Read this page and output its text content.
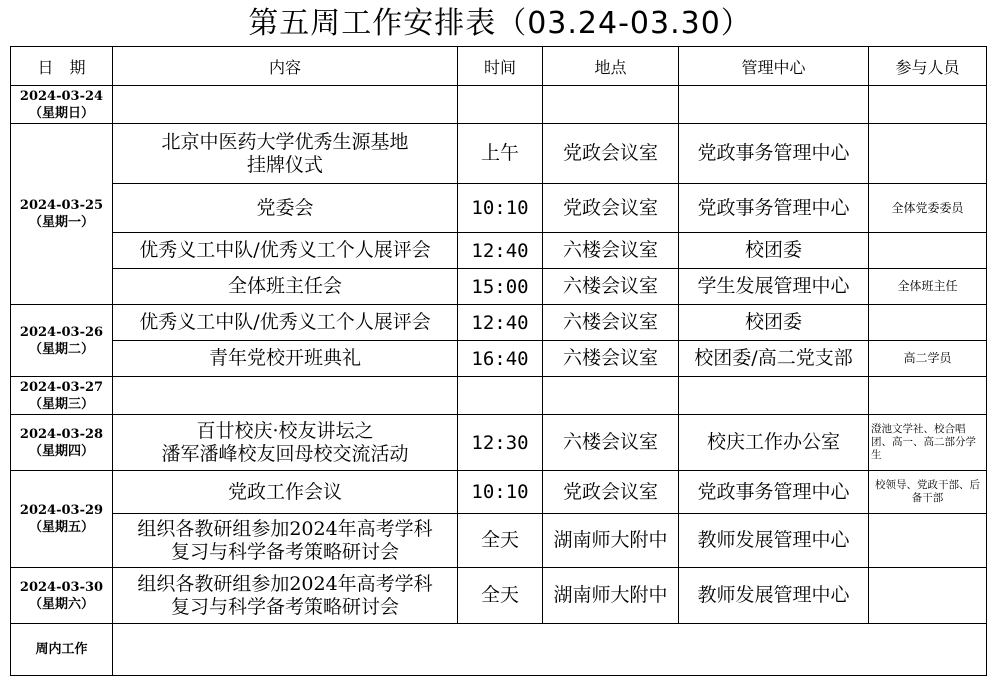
第五周工作安排表（03.24-03.30）
日　期	内容	时间	地点	管理中心	参与人员

2024-03-24
（星期日）					

2024-03-25
（星期一）	北京中医药大学优秀生源基地
挂牌仪式	上午	党政会议室	党政事务管理中心	

	党委会	10:10	党政会议室	党政事务管理中心	全体党委委员

	优秀义工中队/优秀义工个人展评会	12:40	六楼会议室	校团委	

	全体班主任会	15:00	六楼会议室	学生发展管理中心	全体班主任

2024-03-26
（星期二）	优秀义工中队/优秀义工个人展评会	12:40	六楼会议室	校团委	

	青年党校开班典礼	16:40	六楼会议室	校团委/高二党支部	高二学员

2024-03-27
（星期三）					

2024-03-28
（星期四）	百廿校庆·校友讲坛之
潘军潘峰校友回母校交流活动	12:30	六楼会议室	校庆工作办公室	澄池文学社、校合唱团、高一、高二部分学生

2024-03-29
（星期五）	党政工作会议	10:10	党政会议室	党政事务管理中心	校领导、党政干部、后备干部

	组织各教研组参加2024年高考学科
复习与科学备考策略研讨会	全天	湖南师大附中	教师发展管理中心	

2024-03-30
（星期六）	组织各教研组参加2024年高考学科
复习与科学备考策略研讨会	全天	湖南师大附中	教师发展管理中心	
周内工作					
